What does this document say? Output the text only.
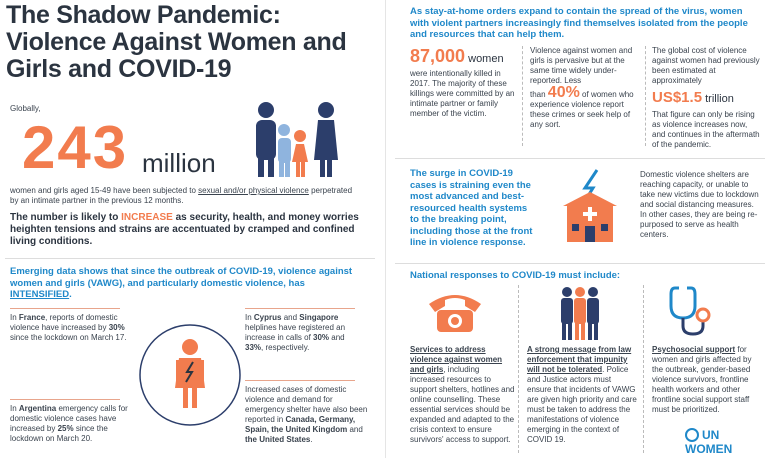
The Shadow Pandemic: Violence Against Women and Girls and COVID-19
Globally,
243 million
women and girls aged 15-49 have been subjected to sexual and/or physical violence perpetrated by an intimate partner in the previous 12 months.
The number is likely to INCREASE as security, health, and money worries heighten tensions and strains are accentuated by cramped and confined living conditions.
Emerging data shows that since the outbreak of COVID-19, violence against women and girls (VAWG), and particularly domestic violence, has INTENSIFIED.
In France, reports of domestic violence have increased by 30% since the lockdown on March 17.
In Cyprus and Singapore helplines have registered an increase in calls of 30% and 33%, respectively.
In Argentina emergency calls for domestic violence cases have increased by 25% since the lockdown on March 20.
Increased cases of domestic violence and demand for emergency shelter have also been reported in Canada, Germany, Spain, the United Kingdom and the United States.
As stay-at-home orders expand to contain the spread of the virus, women with violent partners increasingly find themselves isolated from the people and resources that can help them.
87,000 women
were intentionally killed in 2017. The majority of these killings were committed by an intimate partner or family member of the victim.
Violence against women and girls is pervasive but at the same time widely under-reported. Less
than 40% of women who experience violence report these crimes or seek help of any sort.
The global cost of violence against women had previously been estimated at approximately
US$1.5 trillion
That figure can only be rising as violence increases now, and continues in the aftermath of the pandemic.
The surge in COVID-19 cases is straining even the most advanced and best-resourced health systems to the breaking point, including those at the front line in violence response.
Domestic violence shelters are reaching capacity, or unable to take new victims due to lockdown and social distancing measures. In other cases, they are being re-purposed to serve as health centers.
National responses to COVID-19 must include:
Services to address violence against women and girls, including increased resources to support shelters, hotlines and online counselling. These essential services should be expanded and adapted to the crisis context to ensure survivors' access to support.
A strong message from law enforcement that impunity will not be tolerated. Police and Justice actors must ensure that incidents of VAWG are given high priority and care must be taken to address the manifestations of violence emerging in the context of COVID 19.
Psychosocial support for women and girls affected by the outbreak, gender-based violence survivors, frontline health workers and other frontline social support staff must be prioritized.
UN
WOMEN
